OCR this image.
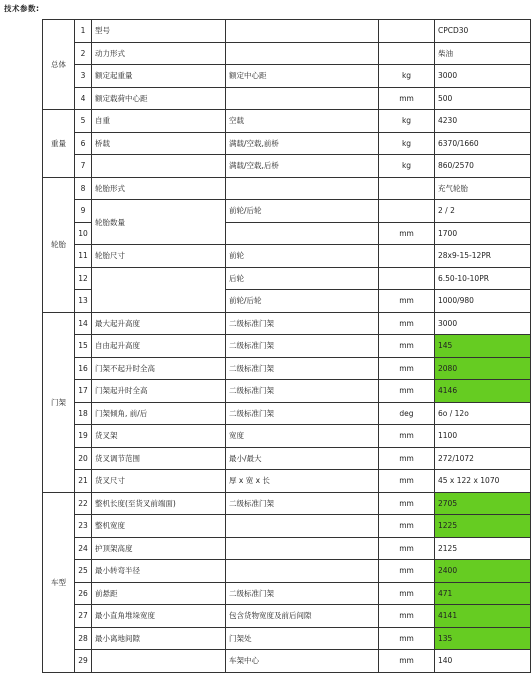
技术参数:
总体	1	型号			CPCD30
	2	动力形式			柴油
	3	额定起重量	额定中心距	kg	3000
	4	额定载荷中心距		mm	500
重量	5	自重	空载	kg	4230
	6	桥载	满载/空载,前桥	kg	6370/1660
	7		满载/空载,后桥	kg	860/2570
轮胎	8	轮胎形式			充气轮胎
	9	轮胎数量	前轮/后轮		2 / 2
	10			mm	1700
	11	轮胎尺寸	前轮		28x9-15-12PR
	12		后轮		6.50-10-10PR
	13		前轮/后轮	mm	1000/980
门架	14	最大起升高度	二级标准门架	mm	3000
	15	自由起升高度	二级标准门架	mm	145
	16	门架不起升时全高	二级标准门架	mm	2080
	17	门架起升时全高	二级标准门架	mm	4146
	18	门架倾角, 前/后	二级标准门架	deg	6o / 12o
	19	货叉架	宽度	mm	1100
	20	货叉调节范围	最小/最大	mm	272/1072
	21	货叉尺寸	厚 x 宽 x 长	mm	45 x 122 x 1070
车型	22	整机长度(至货叉前端面)	二级标准门架	mm	2705
	23	整机宽度		mm	1225
	24	护顶架高度		mm	2125
	25	最小转弯半径		mm	2400
	26	前悬距	二级标准门架	mm	471
	27	最小直角堆垛宽度	包含货物宽度及前后间隙	mm	4141
	28	最小离地间隙	门架处	mm	135
	29		车架中心	mm	140
